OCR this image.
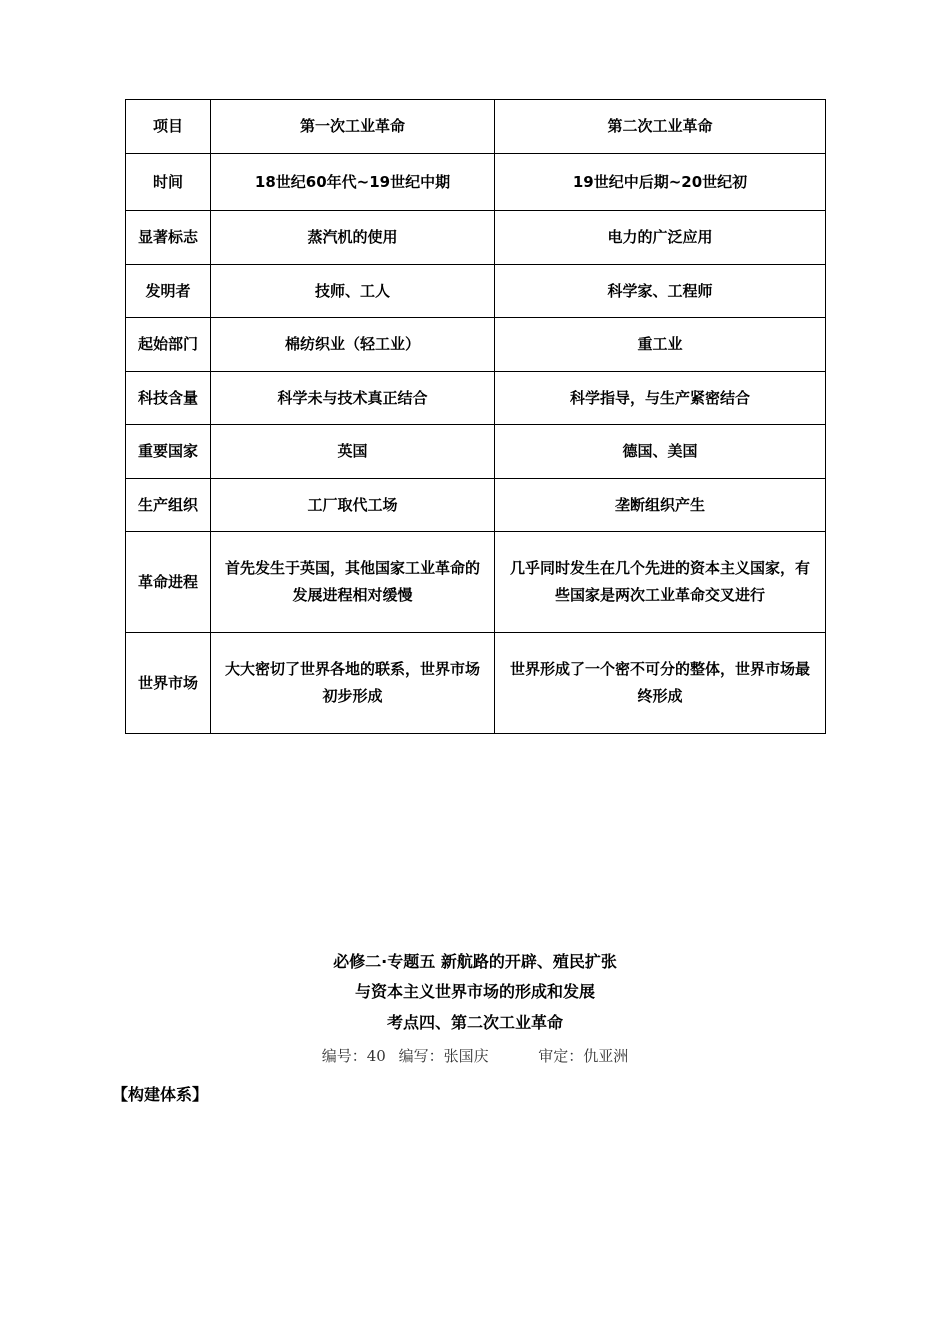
项目	第一次工业革命	第二次工业革命
时间	18世纪60年代~19世纪中期	19世纪中后期~20世纪初
显著标志	蒸汽机的使用	电力的广泛应用
发明者	技师、工人	科学家、工程师
起始部门	棉纺织业（轻工业）	重工业
科技含量	科学未与技术真正结合	科学指导，与生产紧密结合
重要国家	英国	德国、美国
生产组织	工厂取代工场	垄断组织产生
革命进程	首先发生于英国，其他国家工业革命的发展进程相对缓慢	几乎同时发生在几个先进的资本主义国家，有些国家是两次工业革命交叉进行
世界市场	大大密切了世界各地的联系，世界市场初步形成	世界形成了一个密不可分的整体，世界市场最终形成
必修二·专题五 新航路的开辟、殖民扩张
与资本主义世界市场的形成和发展
考点四、第二次工业革命
编号：40 编写：张国庆	审定：仇亚洲
【构建体系】
